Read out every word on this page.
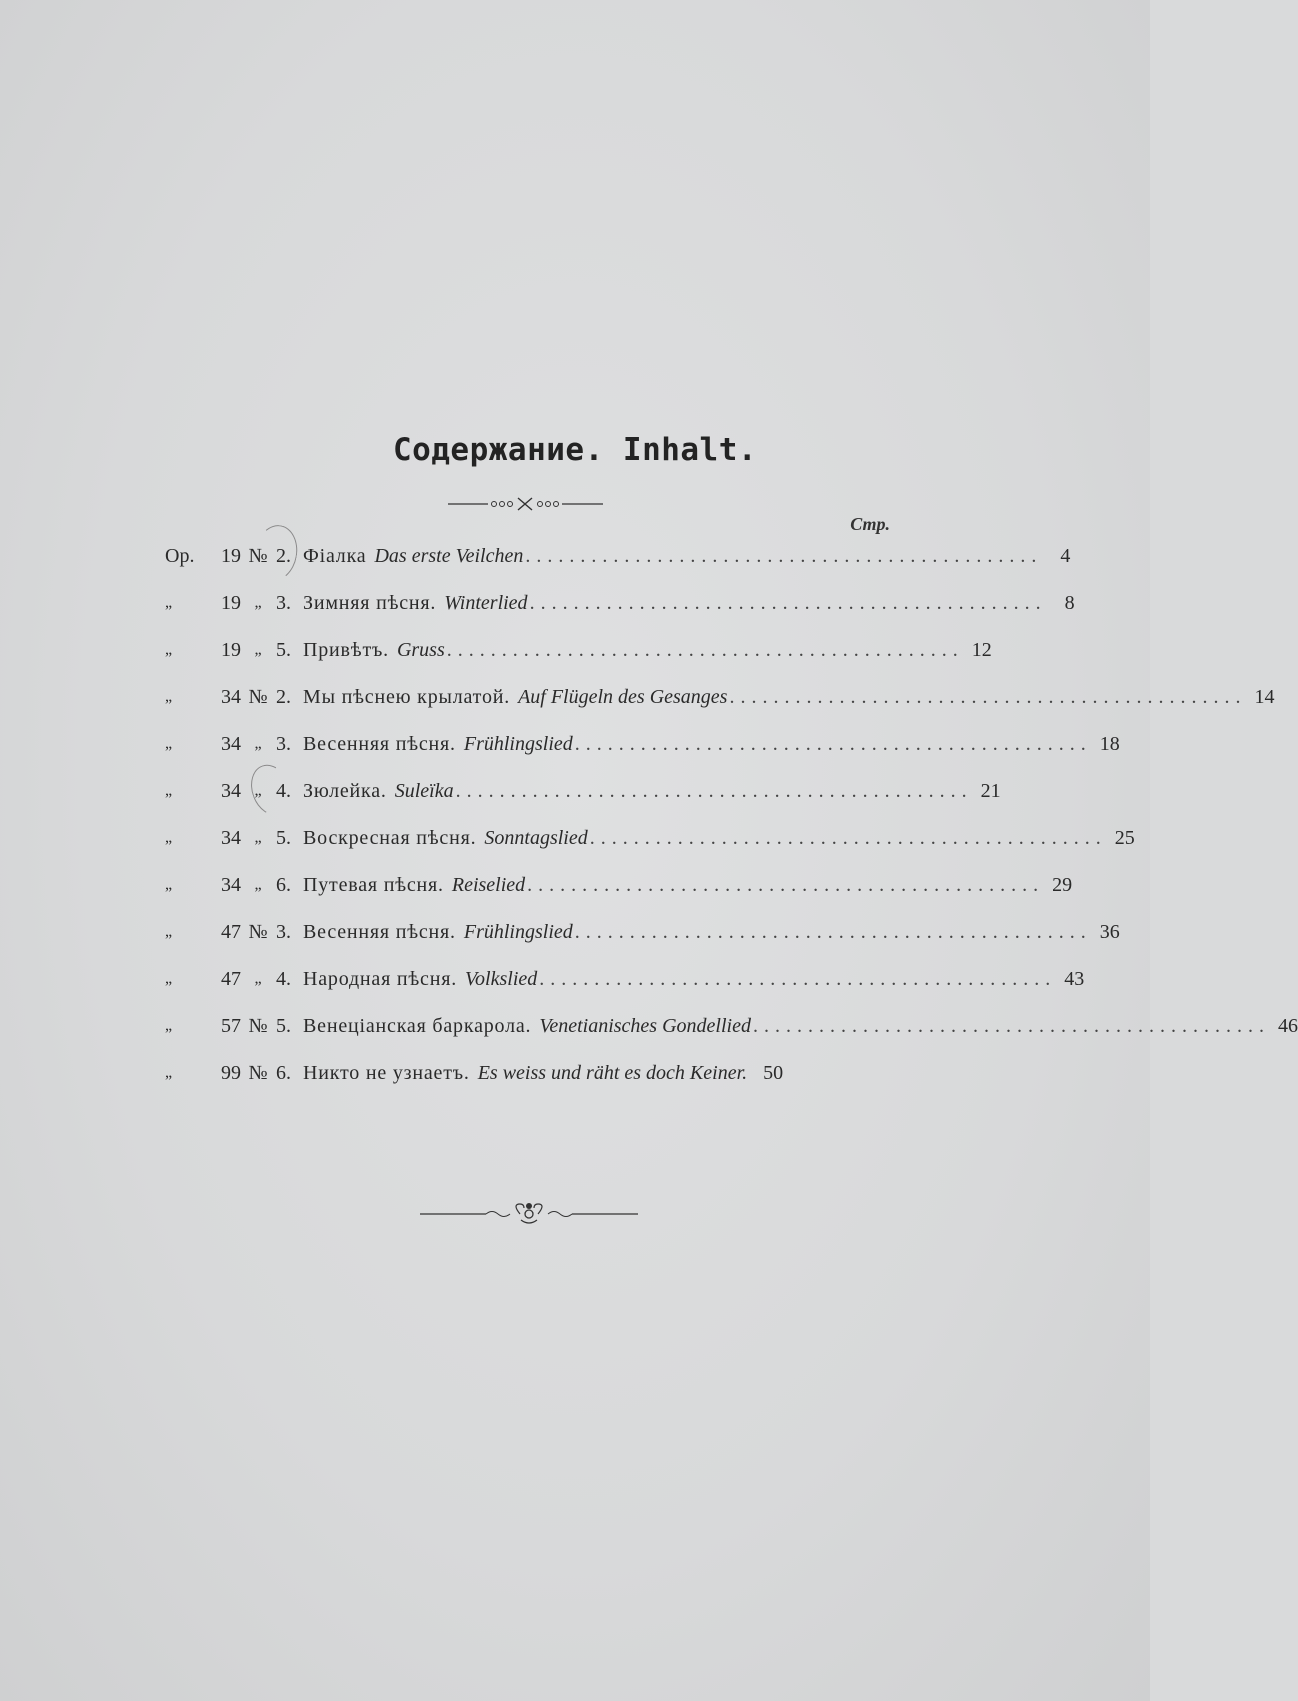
Содержание. Inhalt.
Стр.
Op.	19 № 2. Фіалка Das erste Veilchen ............................................... 4
„	19 „ 3. Зимняя пѣсня. Winterlied ............................................... 8
„	19 „ 5. Привѣтъ. Gruss ............................................... 12
„	34 № 2. Мы пѣснею крылатой. Auf Flügeln des Gesanges ............................................... 14
„	34 „ 3. Весенняя пѣсня. Frühlingslied ............................................... 18
„	34 „ 4. Зюлейка. Suleïka ............................................... 21
„	34 „ 5. Воскресная пѣсня. Sonntagslied ............................................... 25
„	34 „ 6. Путевая пѣсня. Reiselied ............................................... 29
„	47 № 3. Весенняя пѣсня. Frühlingslied ............................................... 36
„	47 „ 4. Народная пѣсня. Volkslied ............................................... 43
„	57 № 5. Венеціанская баркарола. Venetianisches Gondellied ............................................... 46
„	99 № 6. Никто не узнаетъ. Es weiss und räht es doch Keiner. 50
